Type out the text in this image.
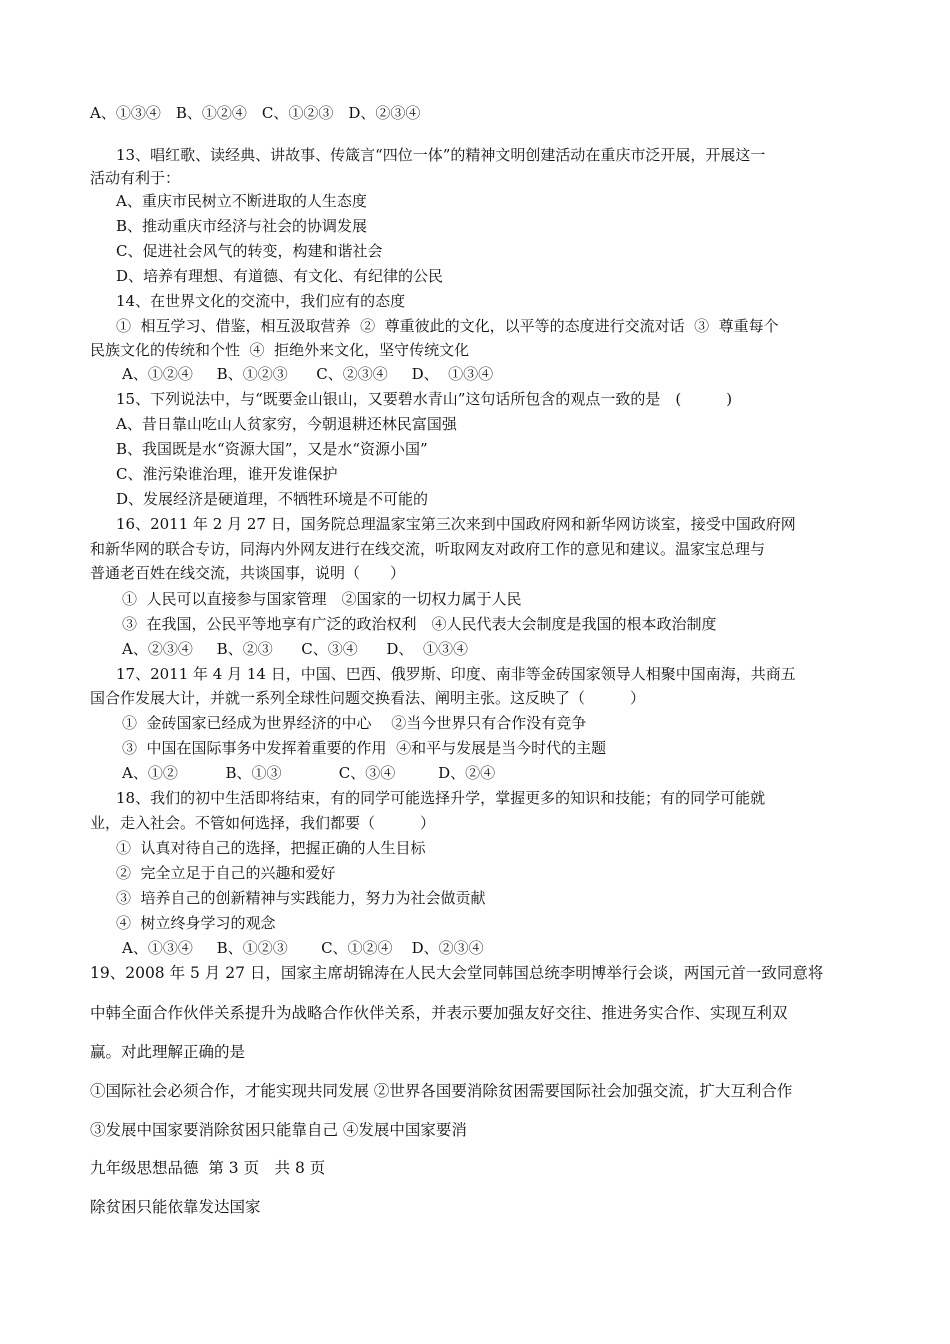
A、①③④　B、①②④　C、①②③　D、②③④
13、唱红歌、读经典、讲故事、传箴言“四位一体”的精神文明创建活动在重庆市泛开展，开展这一
活动有利于：
A、重庆市民树立不断进取的人生态度
B、推动重庆市经济与社会的协调发展
C、促进社会风气的转变，构建和谐社会
D、培养有理想、有道德、有文化、有纪律的公民
14、在世界文化的交流中，我们应有的态度
①  相互学习、借鉴，相互汲取营养  ②  尊重彼此的文化，以平等的态度进行交流对话  ③  尊重每个
民族文化的传统和个性  ④  拒绝外来文化，坚守传统文化
A、①②④     B、①②③      C、②③④     D、  ①③④
15、下列说法中，与“既要金山银山，又要碧水青山”这句话所包含的观点一致的是　(　　　)
A、昔日靠山吃山人贫家穷，今朝退耕还林民富国强
B、我国既是水“资源大国”，又是水“资源小国”
C、淮污染谁治理，谁开发谁保护
D、发展经济是硬道理，不牺牲环境是不可能的
16、2011 年 2 月 27 日，国务院总理温家宝第三次来到中国政府网和新华网访谈室，接受中国政府网
和新华网的联合专访，同海内外网友进行在线交流，听取网友对政府工作的意见和建议。温家宝总理与
普通老百姓在线交流，共谈国事，说明（　　）
①  人民可以直接参与国家管理　②国家的一切权力属于人民
③  在我国，公民平等地享有广泛的政治权利　④人民代表大会制度是我国的根本政治制度
A、②③④     B、②③      C、③④      D、  ①③④
17、2011 年 4 月 14 日，中国、巴西、俄罗斯、印度、南非等金砖国家领导人相聚中国南海，共商五
国合作发展大计，并就一系列全球性问题交换看法、阐明主张。这反映了（　　　）
①  金砖国家已经成为世界经济的中心　 ②当今世界只有合作没有竞争
③  中国在国际事务中发挥着重要的作用  ④和平与发展是当今时代的主题
A、①②          B、①③            C、③④         D、②④
18、我们的初中生活即将结束，有的同学可能选择升学，掌握更多的知识和技能；有的同学可能就
业，走入社会。不管如何选择，我们都要（　　　）
①  认真对待自己的选择，把握正确的人生目标
②  完全立足于自己的兴趣和爱好
③  培养自己的创新精神与实践能力，努力为社会做贡献
④  树立终身学习的观念
A、①③④     B、①②③       C、①②④    D、②③④
19、2008 年 5 月 27 日，国家主席胡锦涛在人民大会堂同韩国总统李明博举行会谈，两国元首一致同意将
中韩全面合作伙伴关系提升为战略合作伙伴关系，并表示要加强友好交往、推进务实合作、实现互利双
赢。对此理解正确的是
①国际社会必须合作，才能实现共同发展 ②世界各国要消除贫困需要国际社会加强交流，扩大互利合作
③发展中国家要消除贫困只能靠自己 ④发展中国家要消
九年级思想品德  第 3 页　共 8 页
除贫困只能依靠发达国家
